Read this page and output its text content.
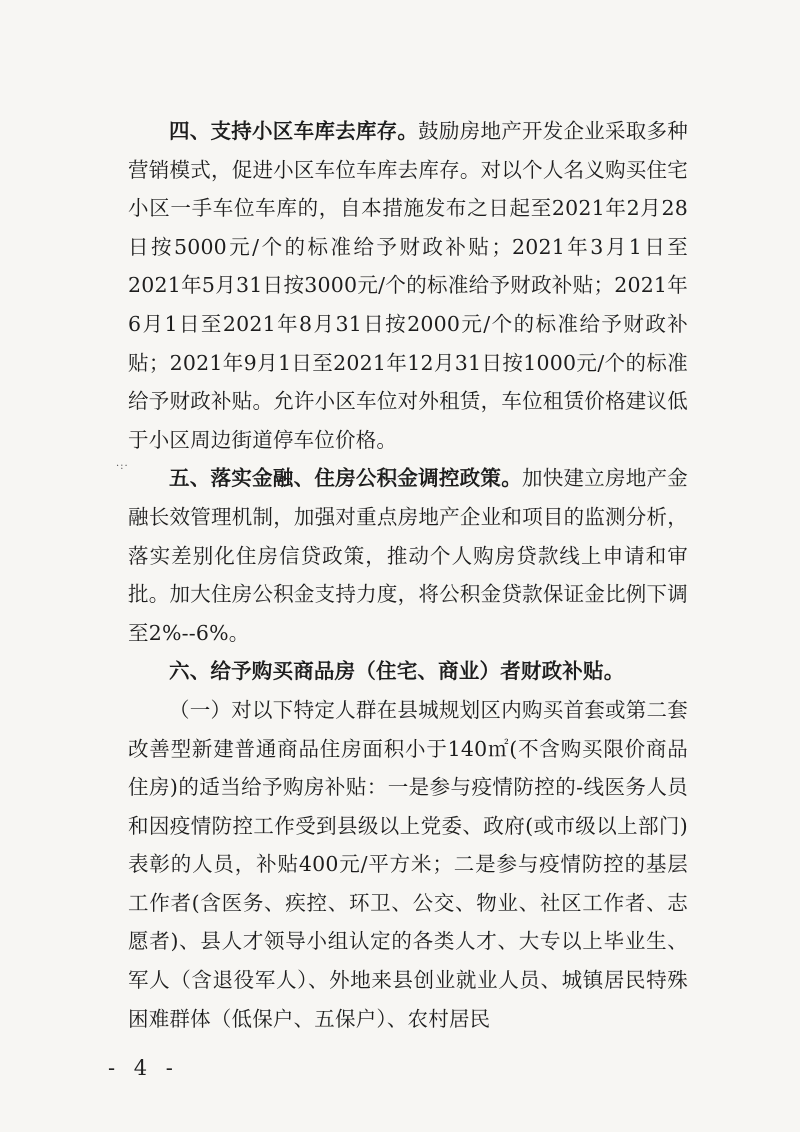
·:·

四、支持小区车库去库存。鼓励房地产开发企业采取多种营销模式，促进小区车位车库去库存。对以个人名义购买住宅小区一手车位车库的，自本措施发布之日起至2021年2月28日按5000元/个的标准给予财政补贴；2021年3月1日至2021年5月31日按3000元/个的标准给予财政补贴；2021年6月1日至2021年8月31日按2000元/个的标准给予财政补贴；2021年9月1日至2021年12月31日按1000元/个的标准给予财政补贴。允许小区车位对外租赁，车位租赁价格建议低于小区周边街道停车位价格。

五、落实金融、住房公积金调控政策。加快建立房地产金融长效管理机制，加强对重点房地产企业和项目的监测分析，落实差别化住房信贷政策，推动个人购房贷款线上申请和审批。加大住房公积金支持力度，将公积金贷款保证金比例下调至2%--6%。

六、给予购买商品房（住宅、商业）者财政补贴。

（一）对以下特定人群在县城规划区内购买首套或第二套改善型新建普通商品住房面积小于140㎡(不含购买限价商品住房)的适当给予购房补贴：一是参与疫情防控的-线医务人员和因疫情防控工作受到县级以上党委、政府(或市级以上部门)表彰的人员，补贴400元/平方米；二是参与疫情防控的基层工作者(含医务、疾控、环卫、公交、物业、社区工作者、志愿者)、县人才领导小组认定的各类人才、大专以上毕业生、军人（含退役军人）、外地来县创业就业人员、城镇居民特殊困难群体（低保户、五保户）、农村居民

- 4 -
